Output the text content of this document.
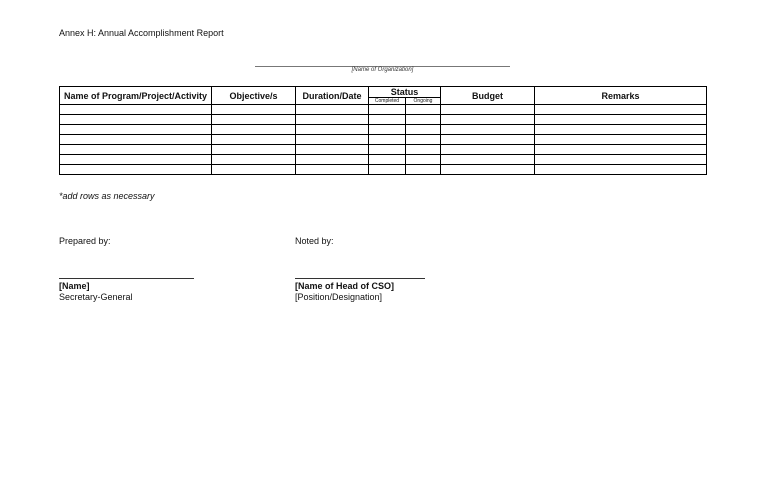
Annex H: Annual Accomplishment Report
[Name of Organization]
Name of Program/Project/Activity	Objective/s	Duration/Date	Status		Budget	Remarks
			Completed	Ongoing		

*add rows as necessary
Prepared by:	Noted by:
[Name]
Secretary-General
[Name of Head of CSO]
[Position/Designation]
